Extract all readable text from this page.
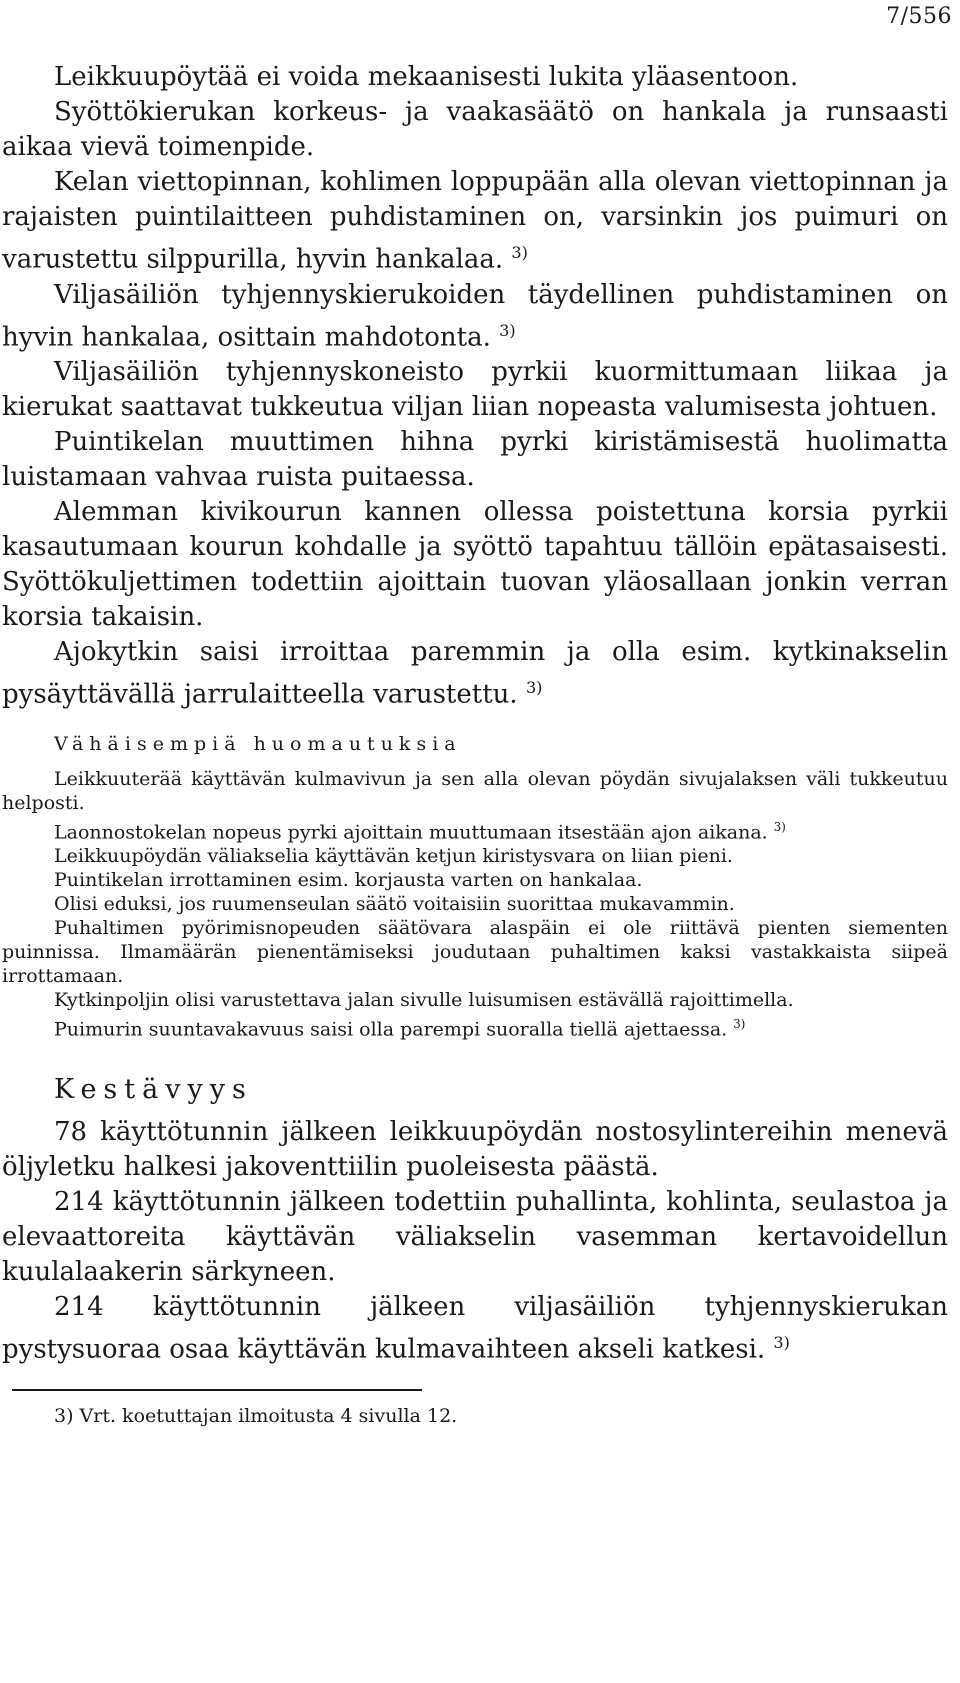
7/556

Leikkuupöytää ei voida mekaanisesti lukita yläasentoon.

Syöttökierukan korkeus- ja vaakasäätö on hankala ja runsaasti aikaa vievä toimenpide.

Kelan viettopinnan, kohlimen loppupään alla olevan viettopinnan ja rajaisten puintilaitteen puhdistaminen on, varsinkin jos puimuri on varustettu silppurilla, hyvin hankalaa. $^{3)}$

Viljasäiliön tyhjennyskierukoiden täydellinen puhdistaminen on hyvin hankalaa, osittain mahdotonta. $^{3)}$

Viljasäiliön tyhjennyskoneisto pyrkii kuormittumaan liikaa ja kierukat saattavat tukkeutua viljan liian nopeasta valumisesta johtuen.

Puintikelan muuttimen hihna pyrki kiristämisestä huolimatta luistamaan vahvaa ruista puitaessa.

Alemman kivikourun kannen ollessa poistettuna korsia pyrkii kasautumaan kourun kohdalle ja syöttö tapahtuu tällöin epätasaisesti. Syöttökuljettimen todettiin ajoittain tuovan yläosallaan jonkin verran korsia takaisin.

Ajokytkin saisi irroittaa paremmin ja olla esim. kytkinakselin pysäyttävällä jarrulaitteella varustettu. $^{3)}$

Vähäisempiä huomautuksia

Leikkuuterää käyttävän kulmavivun ja sen alla olevan pöydän sivujalaksen väli tukkeutuu helposti.

Laonnostokelan nopeus pyrki ajoittain muuttumaan itsestään ajon aikana. $^{3)}$

Leikkuupöydän väliakselia käyttävän ketjun kiristysvara on liian pieni.

Puintikelan irrottaminen esim. korjausta varten on hankalaa.

Olisi eduksi, jos ruumenseulan säätö voitaisiin suorittaa mukavammin.

Puhaltimen pyörimisnopeuden säätövara alaspäin ei ole riittävä pienten siementen puinnissa. Ilmamäärän pienentämiseksi joudutaan puhaltimen kaksi vastakkaista siipeä irrottamaan.

Kytkinpoljin olisi varustettava jalan sivulle luisumisen estävällä rajoittimella.

Puimurin suuntavakavuus saisi olla parempi suoralla tiellä ajettaessa. $^{3)}$

Kestävyys

78 käyttötunnin jälkeen leikkuupöydän nostosylintereihin menevä öljyletku halkesi jakoventtiilin puoleisesta päästä.

214 käyttötunnin jälkeen todettiin puhallinta, kohlinta, seulastoa ja elevaattoreita käyttävän väliakselin vasemman kertavoidellun kuulalaakerin särkyneen.

214 käyttötunnin jälkeen viljasäiliön tyhjennyskierukan pystysuoraa osaa käyttävän kulmavaihteen akseli katkesi. $^{3)}$

3) Vrt. koetuttajan ilmoitusta 4 sivulla 12.
